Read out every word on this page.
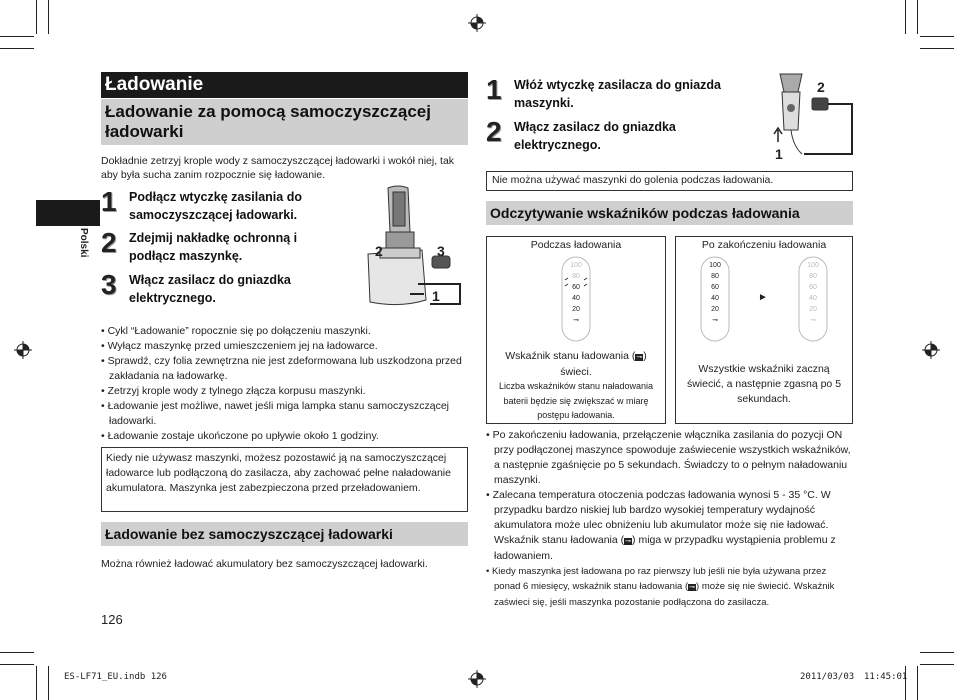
Polski
Ładowanie
Ładowanie za pomocą samoczyszczącej ładowarki
Dokładnie zetrzyj krople wody z samoczyszczącej ładowarki i wokół niej, tak aby była sucha zanim rozpocznie się ładowanie.
1 Podłącz wtyczkę zasilania do samoczyszczącej ładowarki.
2 Zdejmij nakładkę ochronną i podłącz maszynkę.
3 Włącz zasilacz do gniazdka elektrycznego.
2	3
1
• Cykl “Ładowanie” ropocznie się po dołączeniu maszynki.
• Wyłącz maszynkę przed umieszczeniem jej na ładowarce.
• Sprawdź, czy folia zewnętrzna nie jest zdeformowana lub uszkodzona przed zakładania na ładowarkę.
• Zetrzyj krople wody z tylnego złącza korpusu maszynki.
• Ładowanie jest możliwe, nawet jeśli miga lampka stanu samoczyszczącej ładowarki.
• Ładowanie zostaje ukończone po upływie około 1 godziny.
Kiedy nie używasz maszynki, możesz pozostawić ją na samoczyszczącej ładowarce lub podłączoną do zasilacza, aby zachować pełne naładowanie akumulatora. Maszynka jest zabezpieczona przed przeładowaniem.
Ładowanie bez samoczyszczącej ładowarki
Można również ładować akumulatory bez samoczyszczącej ładowarki.
126
1 Włóż wtyczkę zasilacza do gniazda maszynki.
2 Włącz zasilacz do gniazdka elektrycznego.
2
1
Nie można używać maszynki do golenia podczas ładowania.
Odczytywanie wskaźników podczas ładowania
Podczas ładowania	Po zakończeniu ładowania
100
80
60
40
20
⊸
100
80
60
40
20
⊸
►
100
80
60
40
20
⊸
Wskaźnik stanu ładowania (⊸) świeci.
Liczba wskaźników stanu naładowania baterii będzie się zwiększać w miarę postępu ładowania.
Wszystkie wskaźniki zaczną świecić, a następnie zgasną po 5 sekundach.
• Po zakończeniu ładowania, przełączenie włącznika zasilania do pozycji ON przy podłączonej maszynce spowoduje zaświecenie wszystkich wskaźników, a następnie zgaśnięcie po 5 sekundach. Świadczy to o pełnym naładowaniu maszynki.
• Zalecana temperatura otoczenia podczas ładowania wynosi 5 - 35 °C. W przypadku bardzo niskiej lub bardzo wysokiej temperatury wydajność akumulatora może ulec obniżeniu lub akumulator może się nie ładować. Wskaźnik stanu ładowania (⊸) miga w przypadku wystąpienia problemu z ładowaniem.
• Kiedy maszynka jest ładowana po raz pierwszy lub jeśli nie była używana przez ponad 6 miesięcy, wskaźnik stanu ładowania (⊸) może się nie świecić. Wskaźnik zaświeci się, jeśli maszynka pozostanie podłączona do zasilacza.
ES-LF71_EU.indb 126	2011/03/03 11:45:01
